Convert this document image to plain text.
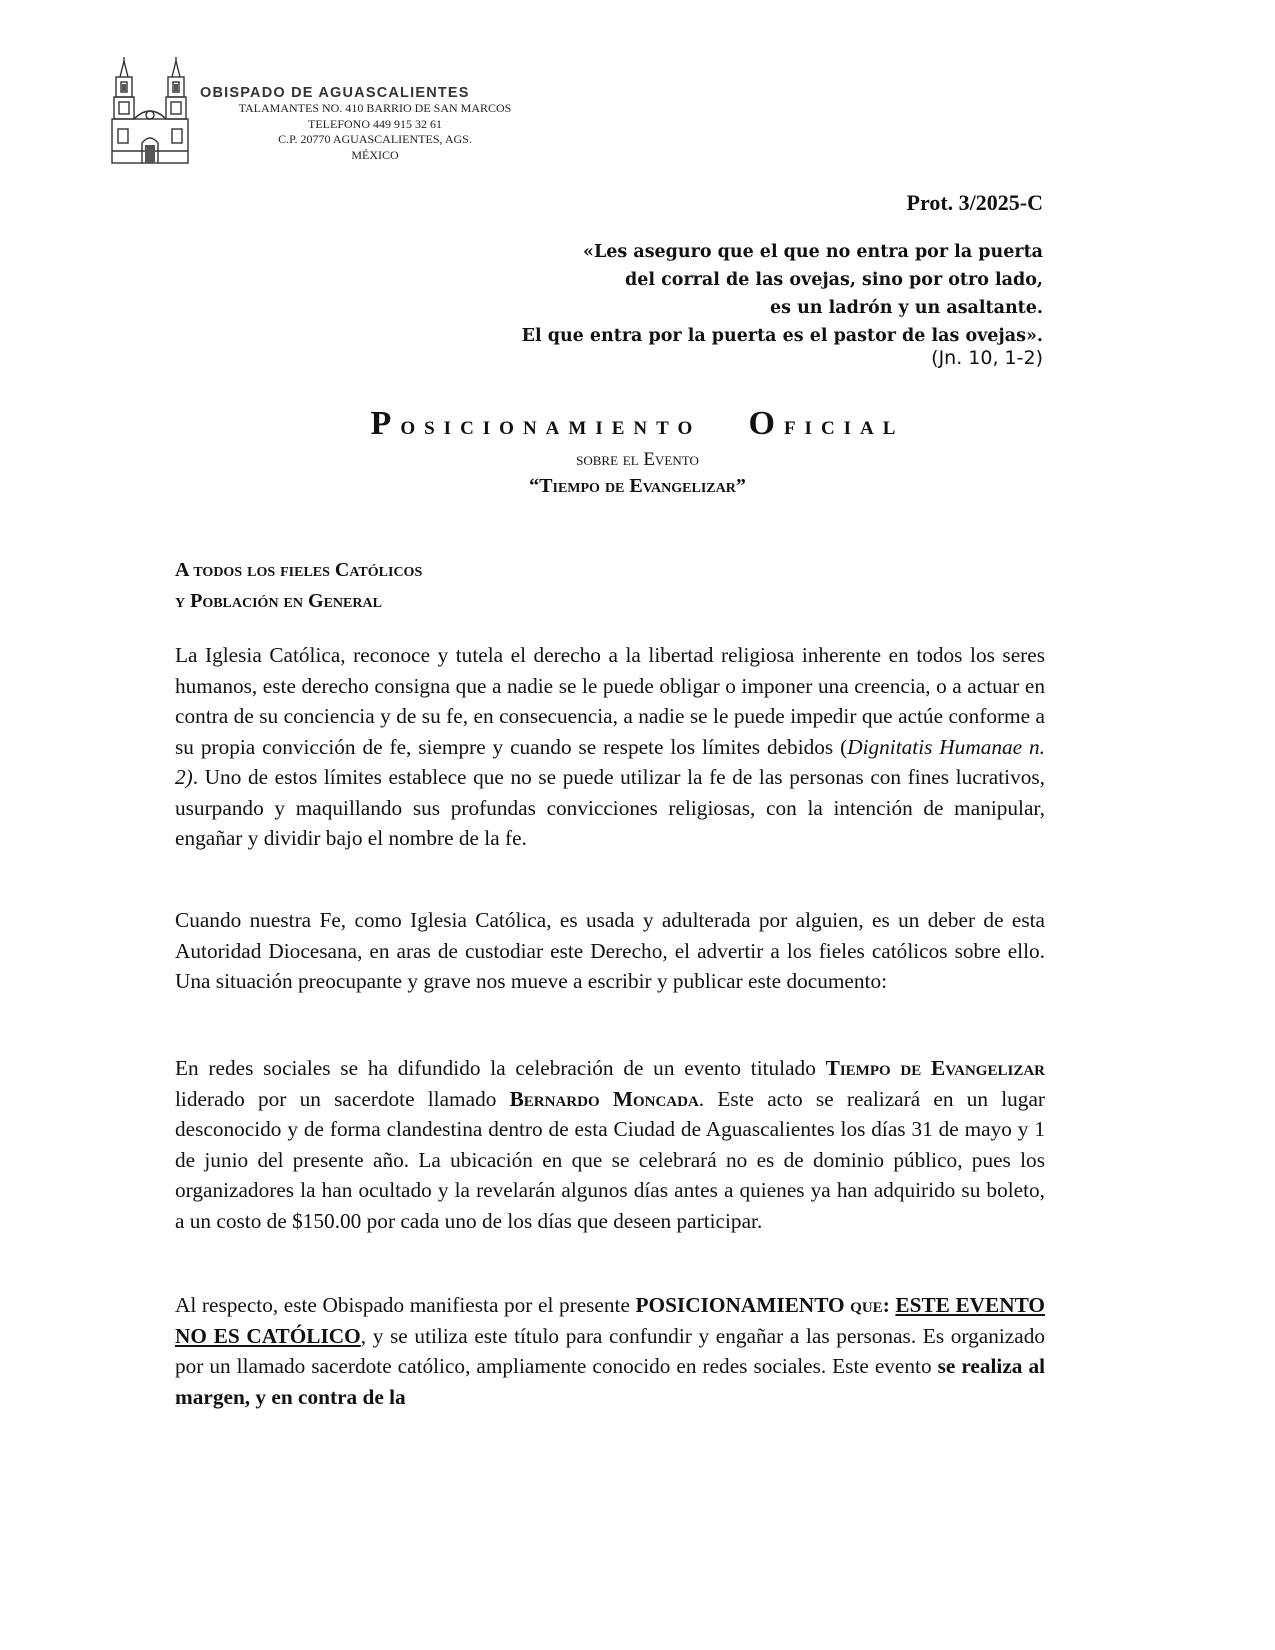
OBISPADO DE AGUASCALIENTES
TALAMANTES NO. 410 BARRIO DE SAN MARCOS
TELEFONO 449 915 32 61
C.P. 20770 AGUASCALIENTES, AGS.
MÉXICO
Prot. 3/2025-C
«Les aseguro que el que no entra por la puerta
del corral de las ovejas, sino por otro lado,
es un ladrón y un asaltante.
El que entra por la puerta es el pastor de las ovejas».
(Jn. 10, 1-2)
Posicionamiento Oficial
sobre el Evento
“Tiempo de Evangelizar”
A todos los fieles Católicos
y Población en General
La Iglesia Católica, reconoce y tutela el derecho a la libertad religiosa inherente en todos los seres humanos, este derecho consigna que a nadie se le puede obligar o imponer una creencia, o a actuar en contra de su conciencia y de su fe, en consecuencia, a nadie se le puede impedir que actúe conforme a su propia convicción de fe, siempre y cuando se respete los límites debidos (Dignitatis Humanae n. 2). Uno de estos límites establece que no se puede utilizar la fe de las personas con fines lucrativos, usurpando y maquillando sus profundas convicciones religiosas, con la intención de manipular, engañar y dividir bajo el nombre de la fe.
Cuando nuestra Fe, como Iglesia Católica, es usada y adulterada por alguien, es un deber de esta Autoridad Diocesana, en aras de custodiar este Derecho, el advertir a los fieles católicos sobre ello. Una situación preocupante y grave nos mueve a escribir y publicar este documento:
En redes sociales se ha difundido la celebración de un evento titulado Tiempo de Evangelizar liderado por un sacerdote llamado Bernardo Moncada. Este acto se realizará en un lugar desconocido y de forma clandestina dentro de esta Ciudad de Aguascalientes los días 31 de mayo y 1 de junio del presente año. La ubicación en que se celebrará no es de dominio público, pues los organizadores la han ocultado y la revelarán algunos días antes a quienes ya han adquirido su boleto, a un costo de $150.00 por cada uno de los días que deseen participar.
Al respecto, este Obispado manifiesta por el presente POSICIONAMIENTO que: ESTE EVENTO NO ES CATÓLICO, y se utiliza este título para confundir y engañar a las personas. Es organizado por un llamado sacerdote católico, ampliamente conocido en redes sociales. Este evento se realiza al margen, y en contra de la
